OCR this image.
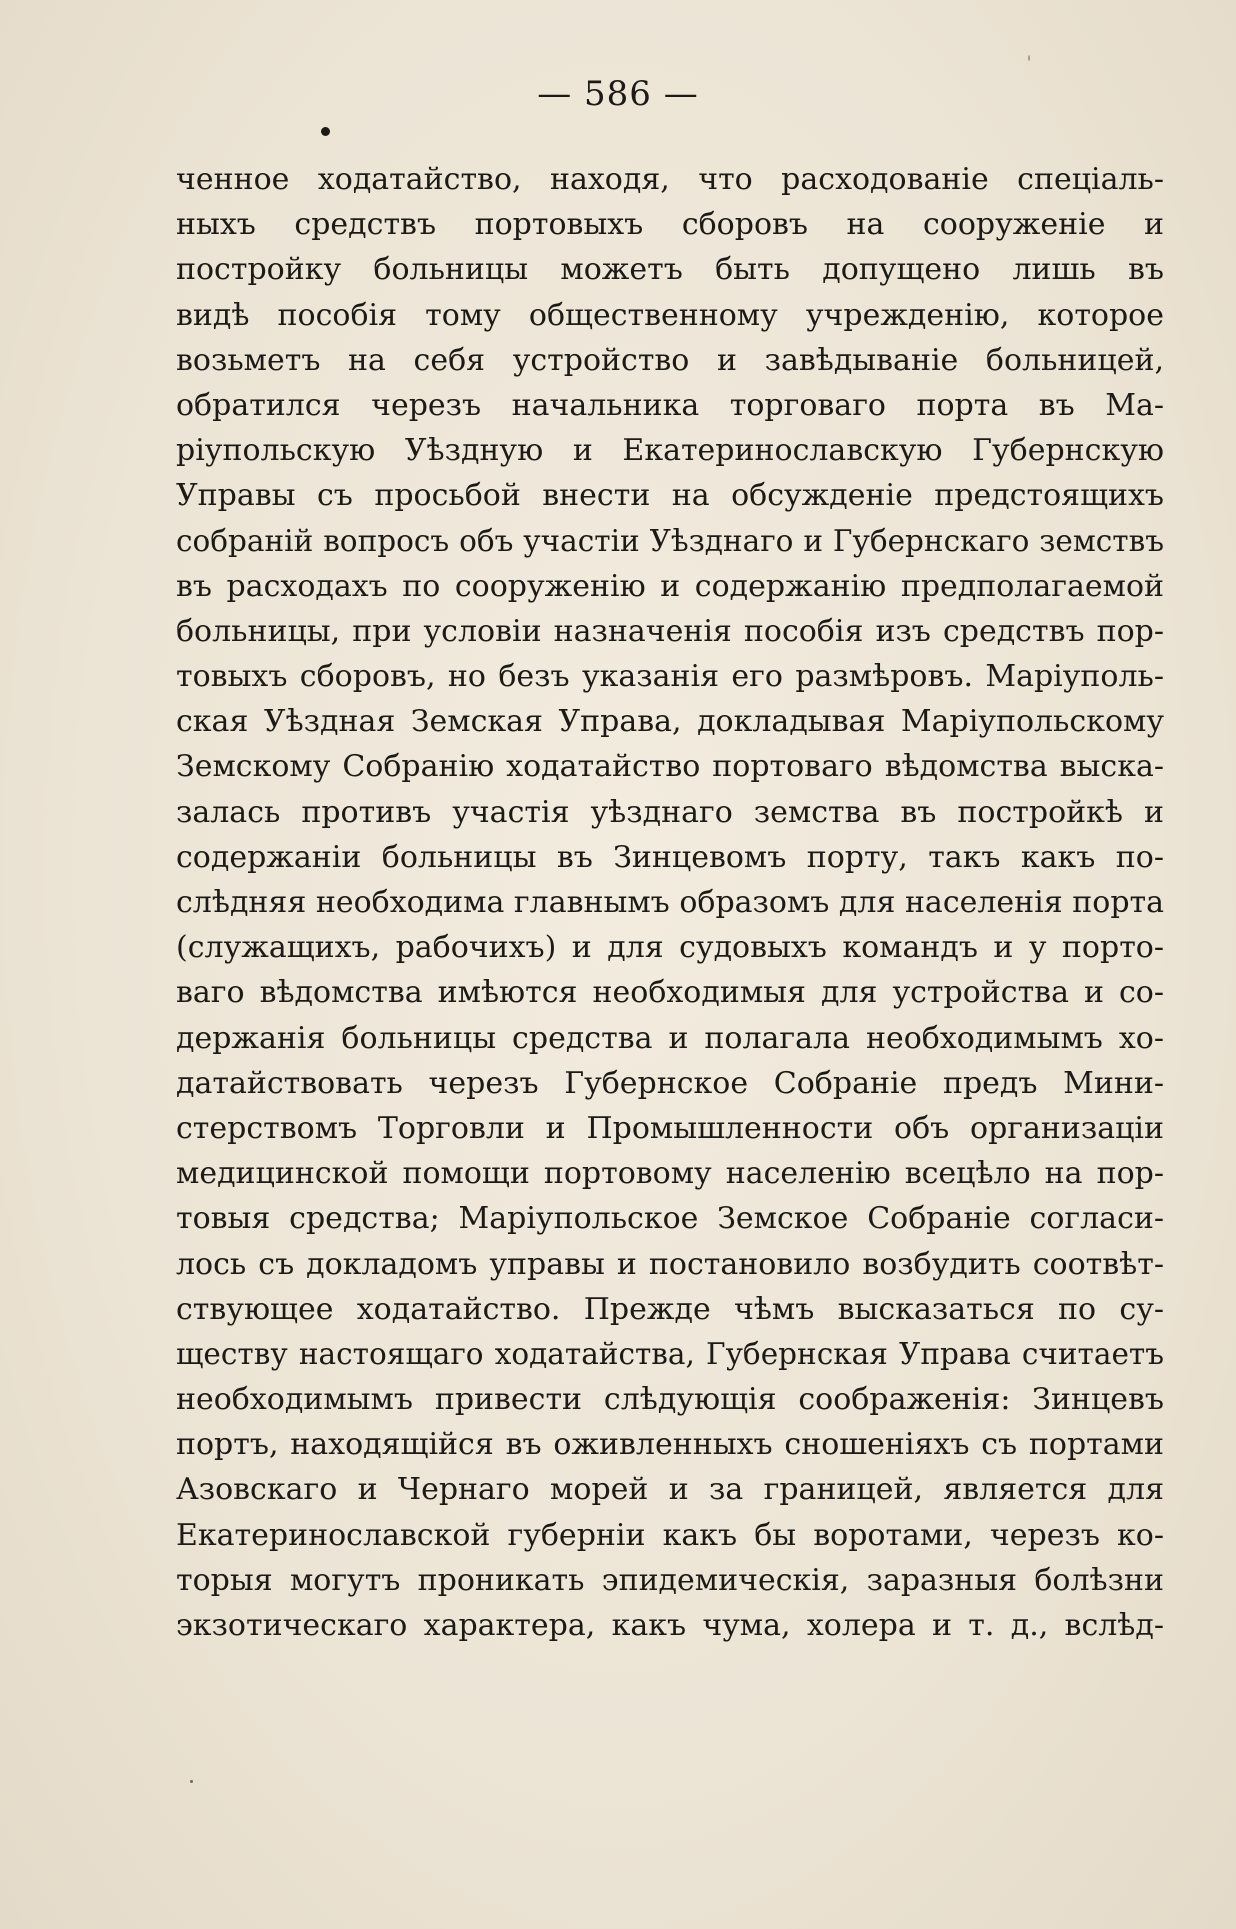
— 586 —
ченное ходатайство, находя, что расходованіе спеціаль-
ныхъ средствъ портовыхъ сборовъ на сооруженіе и
постройку больницы можетъ быть допущено лишь въ
видѣ пособія тому общественному учрежденію, которое
возьметъ на себя устройство и завѣдываніе больницей,
обратился черезъ начальника торговаго порта въ Ма-
ріупольскую Уѣздную и Екатеринославскую Губернскую
Управы съ просьбой внести на обсужденіе предстоящихъ
собраній вопросъ объ участіи Уѣзднаго и Губернскаго земствъ
въ расходахъ по сооруженію и содержанію предполагаемой
больницы, при условіи назначенія пособія изъ средствъ пор-
товыхъ сборовъ, но безъ указанія его размѣровъ. Маріуполь-
ская Уѣздная Земская Управа, докладывая Маріупольскому
Земскому Собранію ходатайство портоваго вѣдомства выска-
залась противъ участія уѣзднаго земства въ постройкѣ и
содержаніи больницы въ Зинцевомъ порту, такъ какъ по-
слѣдняя необходима главнымъ образомъ для населенія порта
(служащихъ, рабочихъ) и для судовыхъ командъ и у порто-
ваго вѣдомства имѣются необходимыя для устройства и со-
держанія больницы средства и полагала необходимымъ хо-
датайствовать черезъ Губернское Собраніе предъ Мини-
стерствомъ Торговли и Промышленности объ организаціи
медицинской помощи портовому населенію всецѣло на пор-
товыя средства; Маріупольское Земское Собраніе согласи-
лось съ докладомъ управы и постановило возбудить соотвѣт-
ствующее ходатайство. Прежде чѣмъ высказаться по су-
ществу настоящаго ходатайства, Губернская Управа считаетъ
необходимымъ привести слѣдующія соображенія: Зинцевъ
портъ, находящійся въ оживленныхъ сношеніяхъ съ портами
Азовскаго и Чернаго морей и за границей, является для
Екатеринославской губерніи какъ бы воротами, черезъ ко-
торыя могутъ проникать эпидемическія, заразныя болѣзни
экзотическаго характера, какъ чума, холера и т. д., вслѣд-
